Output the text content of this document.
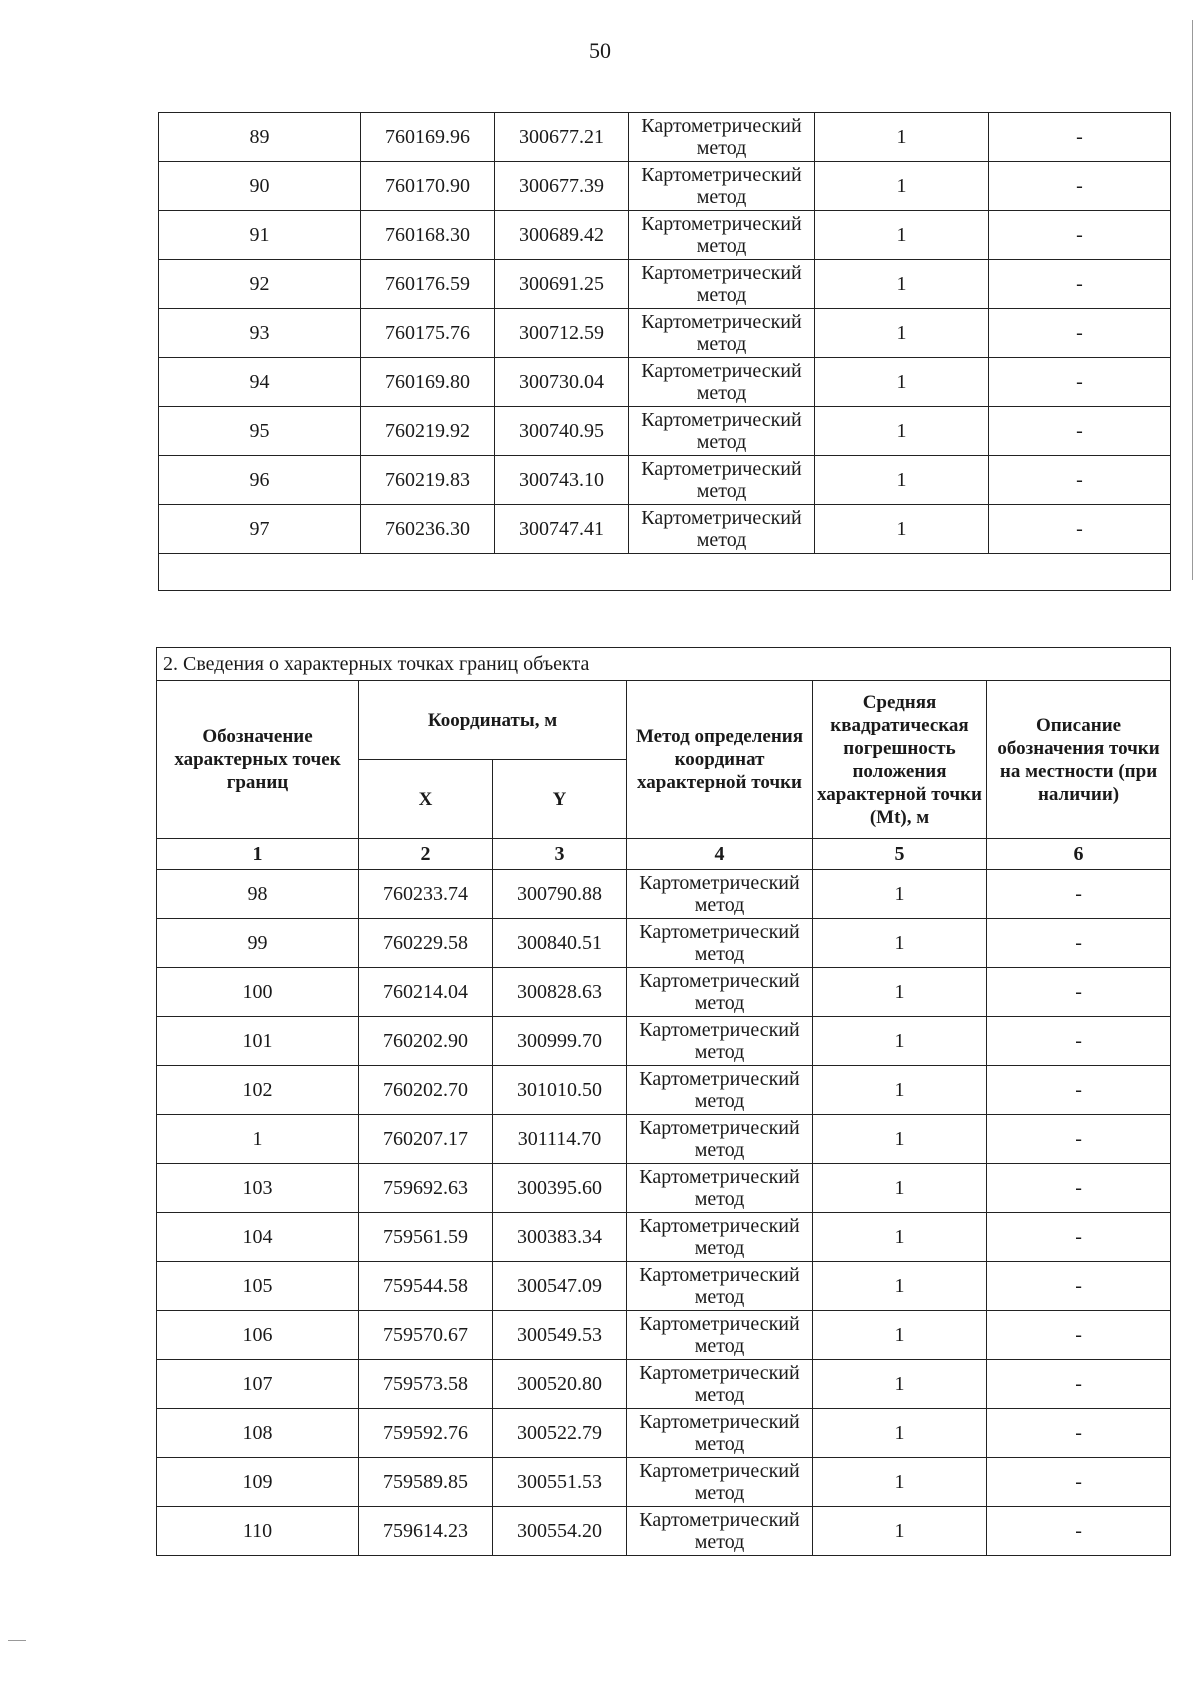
50
89	760169.96	300677.21	Картометрический метод	1	-
90	760170.90	300677.39	Картометрический метод	1	-
91	760168.30	300689.42	Картометрический метод	1	-
92	760176.59	300691.25	Картометрический метод	1	-
93	760175.76	300712.59	Картометрический метод	1	-
94	760169.80	300730.04	Картометрический метод	1	-
95	760219.92	300740.95	Картометрический метод	1	-
96	760219.83	300743.10	Картометрический метод	1	-
97	760236.30	300747.41	Картометрический метод	1	-

2. Сведения о характерных точках границ объекта					
Обозначение характерных точек границ	Координаты, м		Метод определения координат характерной точки	Средняя квадратическая погрешность положения характерной точки (Mt), м	Описание обозначения точки на местности (при наличии)
	X	Y			
1	2	3	4	5	6
98	760233.74	300790.88	Картометрический метод	1	-
99	760229.58	300840.51	Картометрический метод	1	-
100	760214.04	300828.63	Картометрический метод	1	-
101	760202.90	300999.70	Картометрический метод	1	-
102	760202.70	301010.50	Картометрический метод	1	-
1	760207.17	301114.70	Картометрический метод	1	-
103	759692.63	300395.60	Картометрический метод	1	-
104	759561.59	300383.34	Картометрический метод	1	-
105	759544.58	300547.09	Картометрический метод	1	-
106	759570.67	300549.53	Картометрический метод	1	-
107	759573.58	300520.80	Картометрический метод	1	-
108	759592.76	300522.79	Картометрический метод	1	-
109	759589.85	300551.53	Картометрический метод	1	-
110	759614.23	300554.20	Картометрический метод	1	-
